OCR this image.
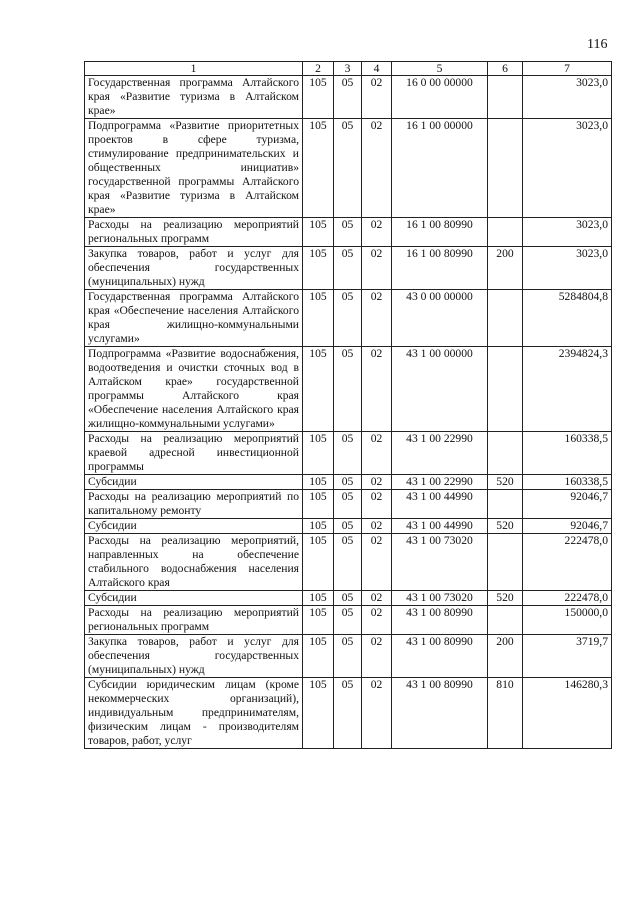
116
1	2	3	4	5	6	7
Государственная программа Алтайского края «Развитие туризма в Алтайском крае»	105	05	02	16 0 00 00000		3023,0
Подпрограмма «Развитие приоритетных проектов в сфере туризма, стимулирование предпринимательских и общественных инициатив» государственной программы Алтайского края «Развитие туризма в Алтайском крае»	105	05	02	16 1 00 00000		3023,0
Расходы на реализацию мероприятий региональных программ	105	05	02	16 1 00 80990		3023,0
Закупка товаров, работ и услуг для обеспечения государственных (муниципальных) нужд	105	05	02	16 1 00 80990	200	3023,0
Государственная программа Алтайского края «Обеспечение населения Алтайского края жилищно-коммунальными услугами»	105	05	02	43 0 00 00000		5284804,8
Подпрограмма «Развитие водоснабжения, водоотведения и очистки сточных вод в Алтайском крае» государственной программы Алтайского края «Обеспечение населения Алтайского края жилищно-коммунальными услугами»	105	05	02	43 1 00 00000		2394824,3
Расходы на реализацию мероприятий краевой адресной инвестиционной программы	105	05	02	43 1 00 22990		160338,5
Субсидии	105	05	02	43 1 00 22990	520	160338,5
Расходы на реализацию мероприятий по капитальному ремонту	105	05	02	43 1 00 44990		92046,7
Субсидии	105	05	02	43 1 00 44990	520	92046,7
Расходы на реализацию мероприятий, направленных на обеспечение стабильного водоснабжения населения Алтайского края	105	05	02	43 1 00 73020		222478,0
Субсидии	105	05	02	43 1 00 73020	520	222478,0
Расходы на реализацию мероприятий региональных программ	105	05	02	43 1 00 80990		150000,0
Закупка товаров, работ и услуг для обеспечения государственных (муниципальных) нужд	105	05	02	43 1 00 80990	200	3719,7
Субсидии юридическим лицам (кроме некоммерческих организаций), индивидуальным предпринимателям, физическим лицам - производителям товаров, работ, услуг	105	05	02	43 1 00 80990	810	146280,3
